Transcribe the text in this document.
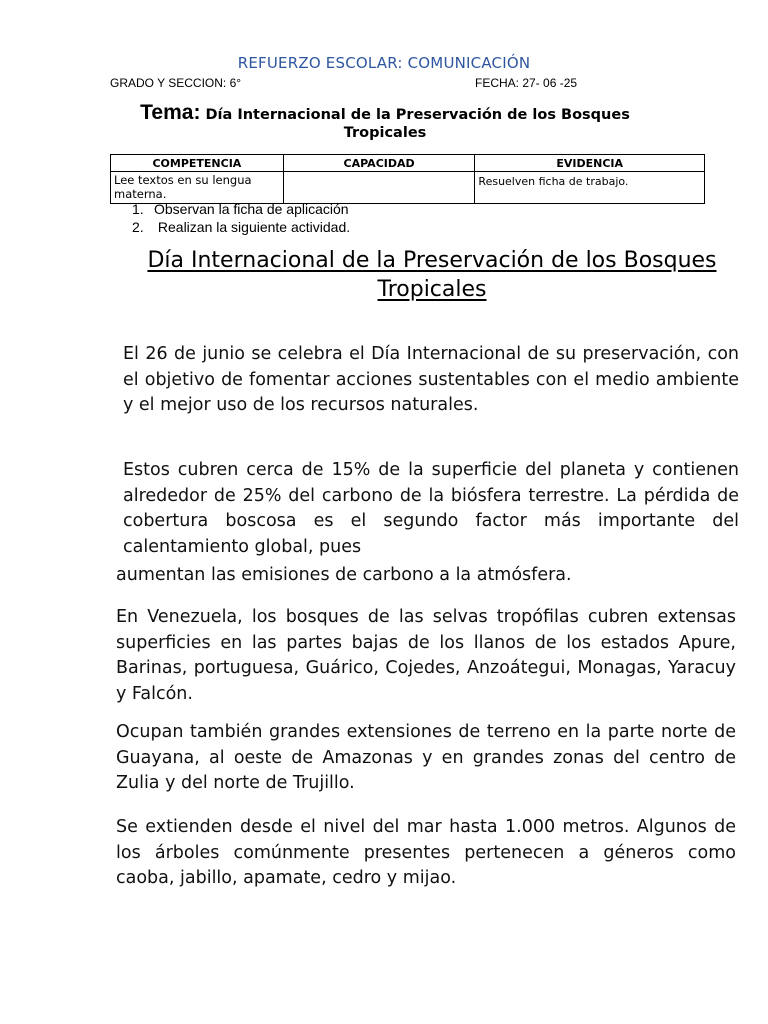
REFUERZO ESCOLAR: COMUNICACIÓN
GRADO Y SECCION: 6°	FECHA: 27- 06 -25
Tema: Día Internacional de la Preservación de los Bosques
Tropicales
COMPETENCIA	CAPACIDAD	EVIDENCIA
Lee textos en su lengua materna.		Resuelven ficha de trabajo.
1. Observan la ficha de aplicación
2. Realizan la siguiente actividad.
Día Internacional de la Preservación de los Bosques
Tropicales
El 26 de junio se celebra el Día Internacional de su preservación, con el objetivo de fomentar acciones sustentables con el medio ambiente y el mejor uso de los recursos naturales.
Estos cubren cerca de 15% de la superficie del planeta y contienen alrededor de 25% del carbono de la biósfera terrestre. La pérdida de cobertura boscosa es el segundo factor más importante del calentamiento global, pues
aumentan las emisiones de carbono a la atmósfera.
En Venezuela, los bosques de las selvas tropófilas cubren extensas superficies en las partes bajas de los llanos de los estados Apure, Barinas, portuguesa, Guárico, Cojedes, Anzoátegui, Monagas, Yaracuy y Falcón.
Ocupan también grandes extensiones de terreno en la parte norte de Guayana, al oeste de Amazonas y en grandes zonas del centro de Zulia y del norte de Trujillo.
Se extienden desde el nivel del mar hasta 1.000 metros. Algunos de los árboles comúnmente presentes pertenecen a géneros como caoba, jabillo, apamate, cedro y mijao.
